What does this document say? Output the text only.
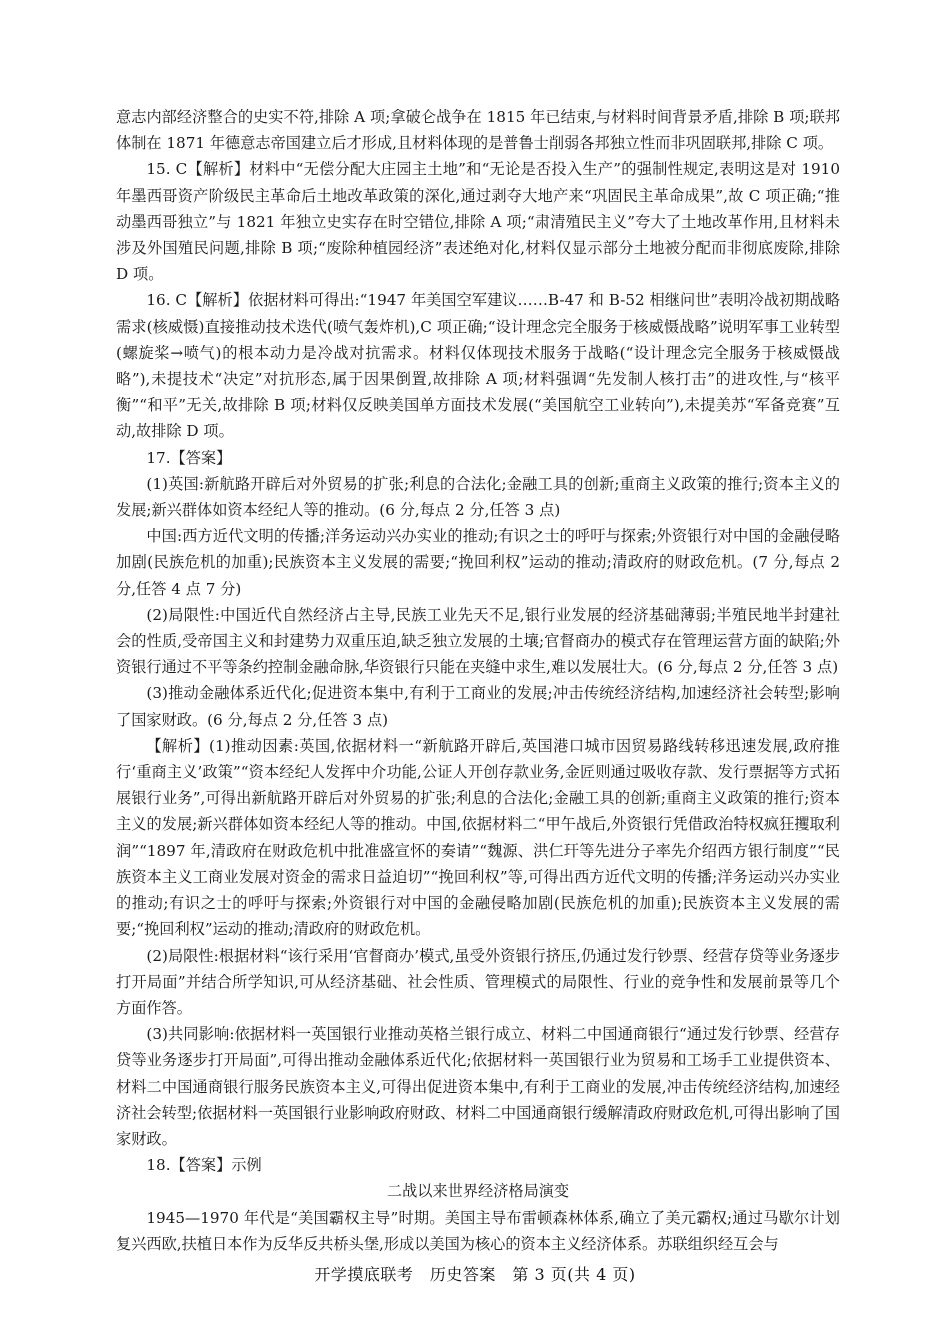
意志内部经济整合的史实不符,排除 A 项;拿破仑战争在 1815 年已结束,与材料时间背景矛盾,排除 B 项;联邦体制在 1871 年德意志帝国建立后才形成,且材料体现的是普鲁士削弱各邦独立性而非巩固联邦,排除 C 项。

15. C【解析】材料中“无偿分配大庄园主土地”和“无论是否投入生产”的强制性规定,表明这是对 1910 年墨西哥资产阶级民主革命后土地改革政策的深化,通过剥夺大地产来“巩固民主革命成果”,故 C 项正确;“推动墨西哥独立”与 1821 年独立史实存在时空错位,排除 A 项;“肃清殖民主义”夸大了土地改革作用,且材料未涉及外国殖民问题,排除 B 项;“废除种植园经济”表述绝对化,材料仅显示部分土地被分配而非彻底废除,排除 D 项。

16. C【解析】依据材料可得出:“1947 年美国空军建议……B-47 和 B-52 相继问世”表明冷战初期战略需求(核威慑)直接推动技术迭代(喷气轰炸机),C 项正确;“设计理念完全服务于核威慑战略”说明军事工业转型(螺旋桨→喷气)的根本动力是冷战对抗需求。材料仅体现技术服务于战略(“设计理念完全服务于核威慑战略”),未提技术“决定”对抗形态,属于因果倒置,故排除 A 项;材料强调“先发制人核打击”的进攻性,与“核平衡”“和平”无关,故排除 B 项;材料仅反映美国单方面技术发展(“美国航空工业转向”),未提美苏“军备竞赛”互动,故排除 D 项。

17.【答案】

(1)英国:新航路开辟后对外贸易的扩张;利息的合法化;金融工具的创新;重商主义政策的推行;资本主义的发展;新兴群体如资本经纪人等的推动。(6 分,每点 2 分,任答 3 点)

中国:西方近代文明的传播;洋务运动兴办实业的推动;有识之士的呼吁与探索;外资银行对中国的金融侵略加剧(民族危机的加重);民族资本主义发展的需要;“挽回利权”运动的推动;清政府的财政危机。(7 分,每点 2 分,任答 4 点 7 分)

(2)局限性:中国近代自然经济占主导,民族工业先天不足,银行业发展的经济基础薄弱;半殖民地半封建社会的性质,受帝国主义和封建势力双重压迫,缺乏独立发展的土壤;官督商办的模式存在管理运营方面的缺陷;外资银行通过不平等条约控制金融命脉,华资银行只能在夹缝中求生,难以发展壮大。(6 分,每点 2 分,任答 3 点)

(3)推动金融体系近代化;促进资本集中,有利于工商业的发展;冲击传统经济结构,加速经济社会转型;影响了国家财政。(6 分,每点 2 分,任答 3 点)

【解析】(1)推动因素:英国,依据材料一“新航路开辟后,英国港口城市因贸易路线转移迅速发展,政府推行‘重商主义’政策”“资本经纪人发挥中介功能,公证人开创存款业务,金匠则通过吸收存款、发行票据等方式拓展银行业务”,可得出新航路开辟后对外贸易的扩张;利息的合法化;金融工具的创新;重商主义政策的推行;资本主义的发展;新兴群体如资本经纪人等的推动。中国,依据材料二“甲午战后,外资银行凭借政治特权疯狂攫取利润”“1897 年,清政府在财政危机中批准盛宣怀的奏请”“魏源、洪仁玕等先进分子率先介绍西方银行制度”“民族资本主义工商业发展对资金的需求日益迫切”“挽回利权”等,可得出西方近代文明的传播;洋务运动兴办实业的推动;有识之士的呼吁与探索;外资银行对中国的金融侵略加剧(民族危机的加重);民族资本主义发展的需要;“挽回利权”运动的推动;清政府的财政危机。

(2)局限性:根据材料“该行采用‘官督商办’模式,虽受外资银行挤压,仍通过发行钞票、经营存贷等业务逐步打开局面”并结合所学知识,可从经济基础、社会性质、管理模式的局限性、行业的竞争性和发展前景等几个方面作答。

(3)共同影响:依据材料一英国银行业推动英格兰银行成立、材料二中国通商银行“通过发行钞票、经营存贷等业务逐步打开局面”,可得出推动金融体系近代化;依据材料一英国银行业为贸易和工场手工业提供资本、材料二中国通商银行服务民族资本主义,可得出促进资本集中,有利于工商业的发展,冲击传统经济结构,加速经济社会转型;依据材料一英国银行业影响政府财政、材料二中国通商银行缓解清政府财政危机,可得出影响了国家财政。

18.【答案】示例

二战以来世界经济格局演变

1945—1970 年代是“美国霸权主导”时期。美国主导布雷顿森林体系,确立了美元霸权;通过马歇尔计划复兴西欧,扶植日本作为反华反共桥头堡,形成以美国为核心的资本主义经济体系。苏联组织经互会与

开学摸底联考　历史答案　第 3 页(共 4 页)
